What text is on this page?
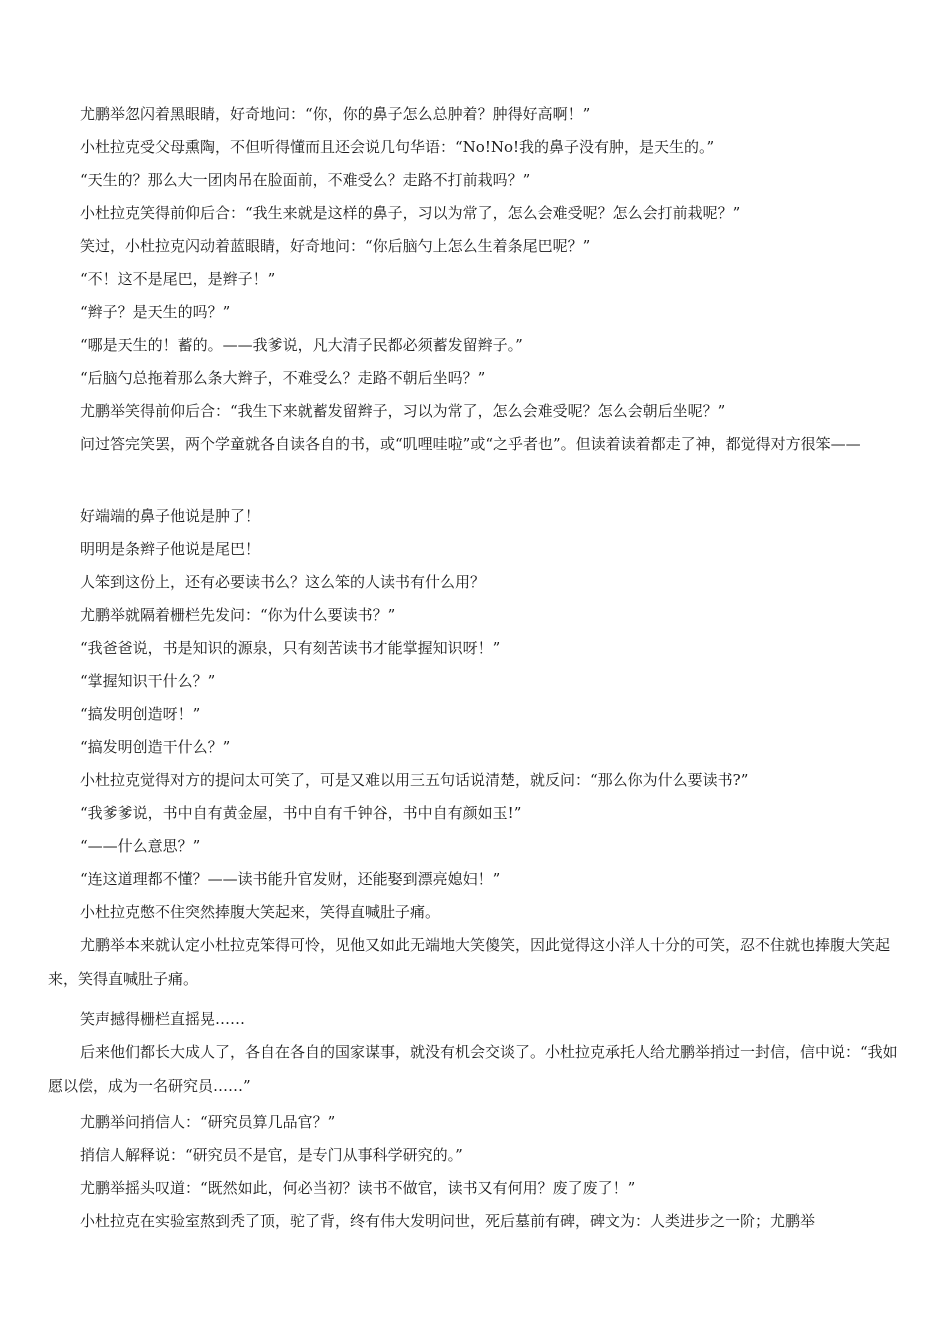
尤鹏举忽闪着黑眼睛，好奇地问：“你，你的鼻子怎么总肿着？肿得好高啊！”

小杜拉克受父母熏陶，不但听得懂而且还会说几句华语：“No!No!我的鼻子没有肿，是天生的。”

“天生的？那么大一团肉吊在脸面前，不难受么？走路不打前栽吗？”

小杜拉克笑得前仰后合：“我生来就是这样的鼻子，习以为常了，怎么会难受呢？怎么会打前栽呢？”

笑过，小杜拉克闪动着蓝眼睛，好奇地问：“你后脑勺上怎么生着条尾巴呢？”

“不！这不是尾巴，是辫子！”

“辫子？是天生的吗？”

“哪是天生的！蓄的。——我爹说，凡大清子民都必须蓄发留辫子。”

“后脑勺总拖着那么条大辫子，不难受么？走路不朝后坐吗？”

尤鹏举笑得前仰后合：“我生下来就蓄发留辫子，习以为常了，怎么会难受呢？怎么会朝后坐呢？”

问过答完笑罢，两个学童就各自读各自的书，或“叽哩哇啦”或“之乎者也”。但读着读着都走了神，都觉得对方很笨——

好端端的鼻子他说是肿了！

明明是条辫子他说是尾巴！

人笨到这份上，还有必要读书么？这么笨的人读书有什么用？

尤鹏举就隔着栅栏先发问：“你为什么要读书？”

“我爸爸说，书是知识的源泉，只有刻苦读书才能掌握知识呀！”

“掌握知识干什么？”

“搞发明创造呀！”

“搞发明创造干什么？”

小杜拉克觉得对方的提问太可笑了，可是又难以用三五句话说清楚，就反问：“那么你为什么要读书?”

“我爹爹说，书中自有黄金屋，书中自有千钟谷，书中自有颜如玉!”

“——什么意思？”

“连这道理都不懂？——读书能升官发财，还能娶到漂亮媳妇！”

小杜拉克憋不住突然捧腹大笑起来，笑得直喊肚子痛。

尤鹏举本来就认定小杜拉克笨得可怜，见他又如此无端地大笑傻笑，因此觉得这小洋人十分的可笑，忍不住就也捧腹大笑起来，笑得直喊肚子痛。

笑声撼得栅栏直摇晃……

后来他们都长大成人了，各自在各自的国家谋事，就没有机会交谈了。小杜拉克承托人给尤鹏举捎过一封信，信中说：“我如愿以偿，成为一名研究员……”

尤鹏举问捎信人：“研究员算几品官？”

捎信人解释说：“研究员不是官，是专门从事科学研究的。”

尤鹏举摇头叹道：“既然如此，何必当初？读书不做官，读书又有何用？废了废了！”

小杜拉克在实验室熬到秃了顶，驼了背，终有伟大发明问世，死后墓前有碑，碑文为：人类进步之一阶；尤鹏举
